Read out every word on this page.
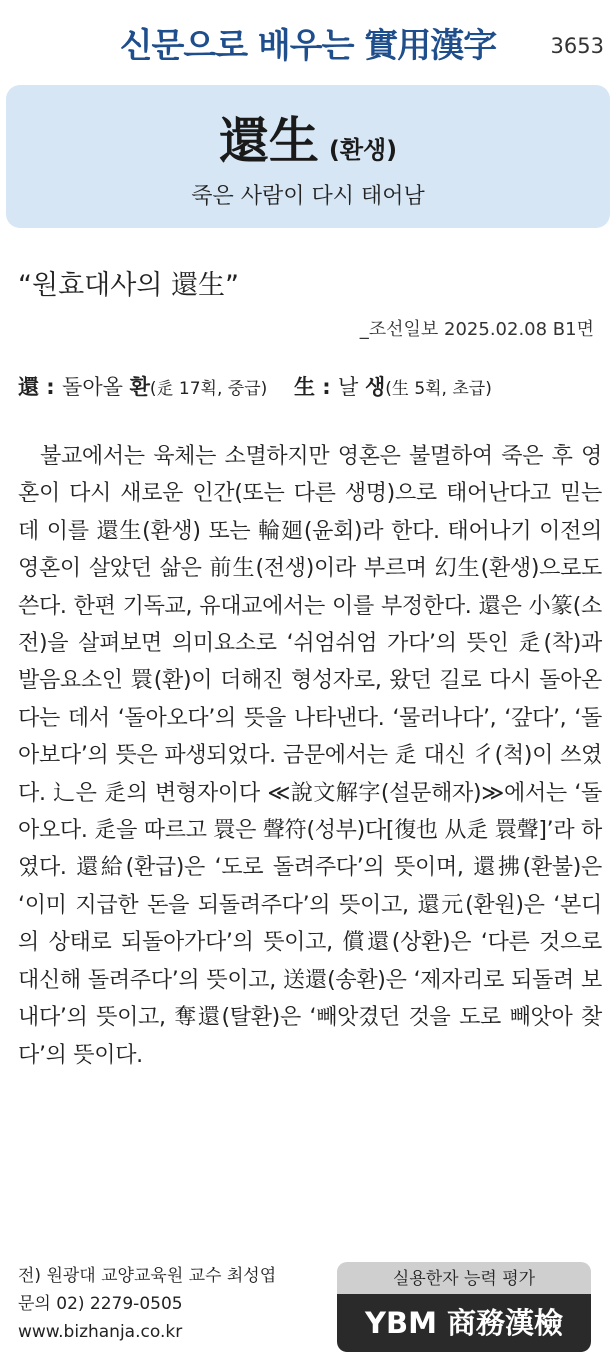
신문으로 배우는 實用漢字	3653
還生 (환생)
죽은 사람이 다시 태어남
“원효대사의 還生”
_조선일보 2025.02.08 B1면
還 : 돌아올 환(辵 17획, 중급) 生 : 날 생(生 5획, 초급)
불교에서는 육체는 소멸하지만 영혼은 불멸하여 죽은 후 영혼이 다시 새로운 인간(또는 다른 생명)으로 태어난다고 믿는데 이를 還生(환생) 또는 輪廻(윤회)라 한다. 태어나기 이전의 영혼이 살았던 삶은 前生(전생)이라 부르며 幻生(환생)으로도 쓴다. 한편 기독교, 유대교에서는 이를 부정한다. 還은 小篆(소전)을 살펴보면 의미요소로 ‘쉬엄쉬엄 가다’의 뜻인 辵(착)과 발음요소인 睘(환)이 더해진 형성자로, 왔던 길로 다시 돌아온다는 데서 ‘돌아오다’의 뜻을 나타낸다. ‘물러나다’, ‘갚다’, ‘돌아보다’의 뜻은 파생되었다. 금문에서는 辵 대신 彳(척)이 쓰였다. 辶은 辵의 변형자이다 ≪說文解字(설문해자)≫에서는 ‘돌아오다. 辵을 따르고 睘은 聲符(성부)다[復也 从辵 睘聲]’라 하였다. 還給(환급)은 ‘도로 돌려주다’의 뜻이며, 還拂(환불)은 ‘이미 지급한 돈을 되돌려주다’의 뜻이고, 還元(환원)은 ‘본디의 상태로 되돌아가다’의 뜻이고, 償還(상환)은 ‘다른 것으로 대신해 돌려주다’의 뜻이고, 送還(송환)은 ‘제자리로 되돌려 보내다’의 뜻이고, 奪還(탈환)은 ‘빼앗겼던 것을 도로 빼앗아 찾다’의 뜻이다.
전) 원광대 교양교육원 교수 최성엽
문의 02) 2279-0505
www.bizhanja.co.kr
실용한자 능력 평가
YBM 商務漢檢
